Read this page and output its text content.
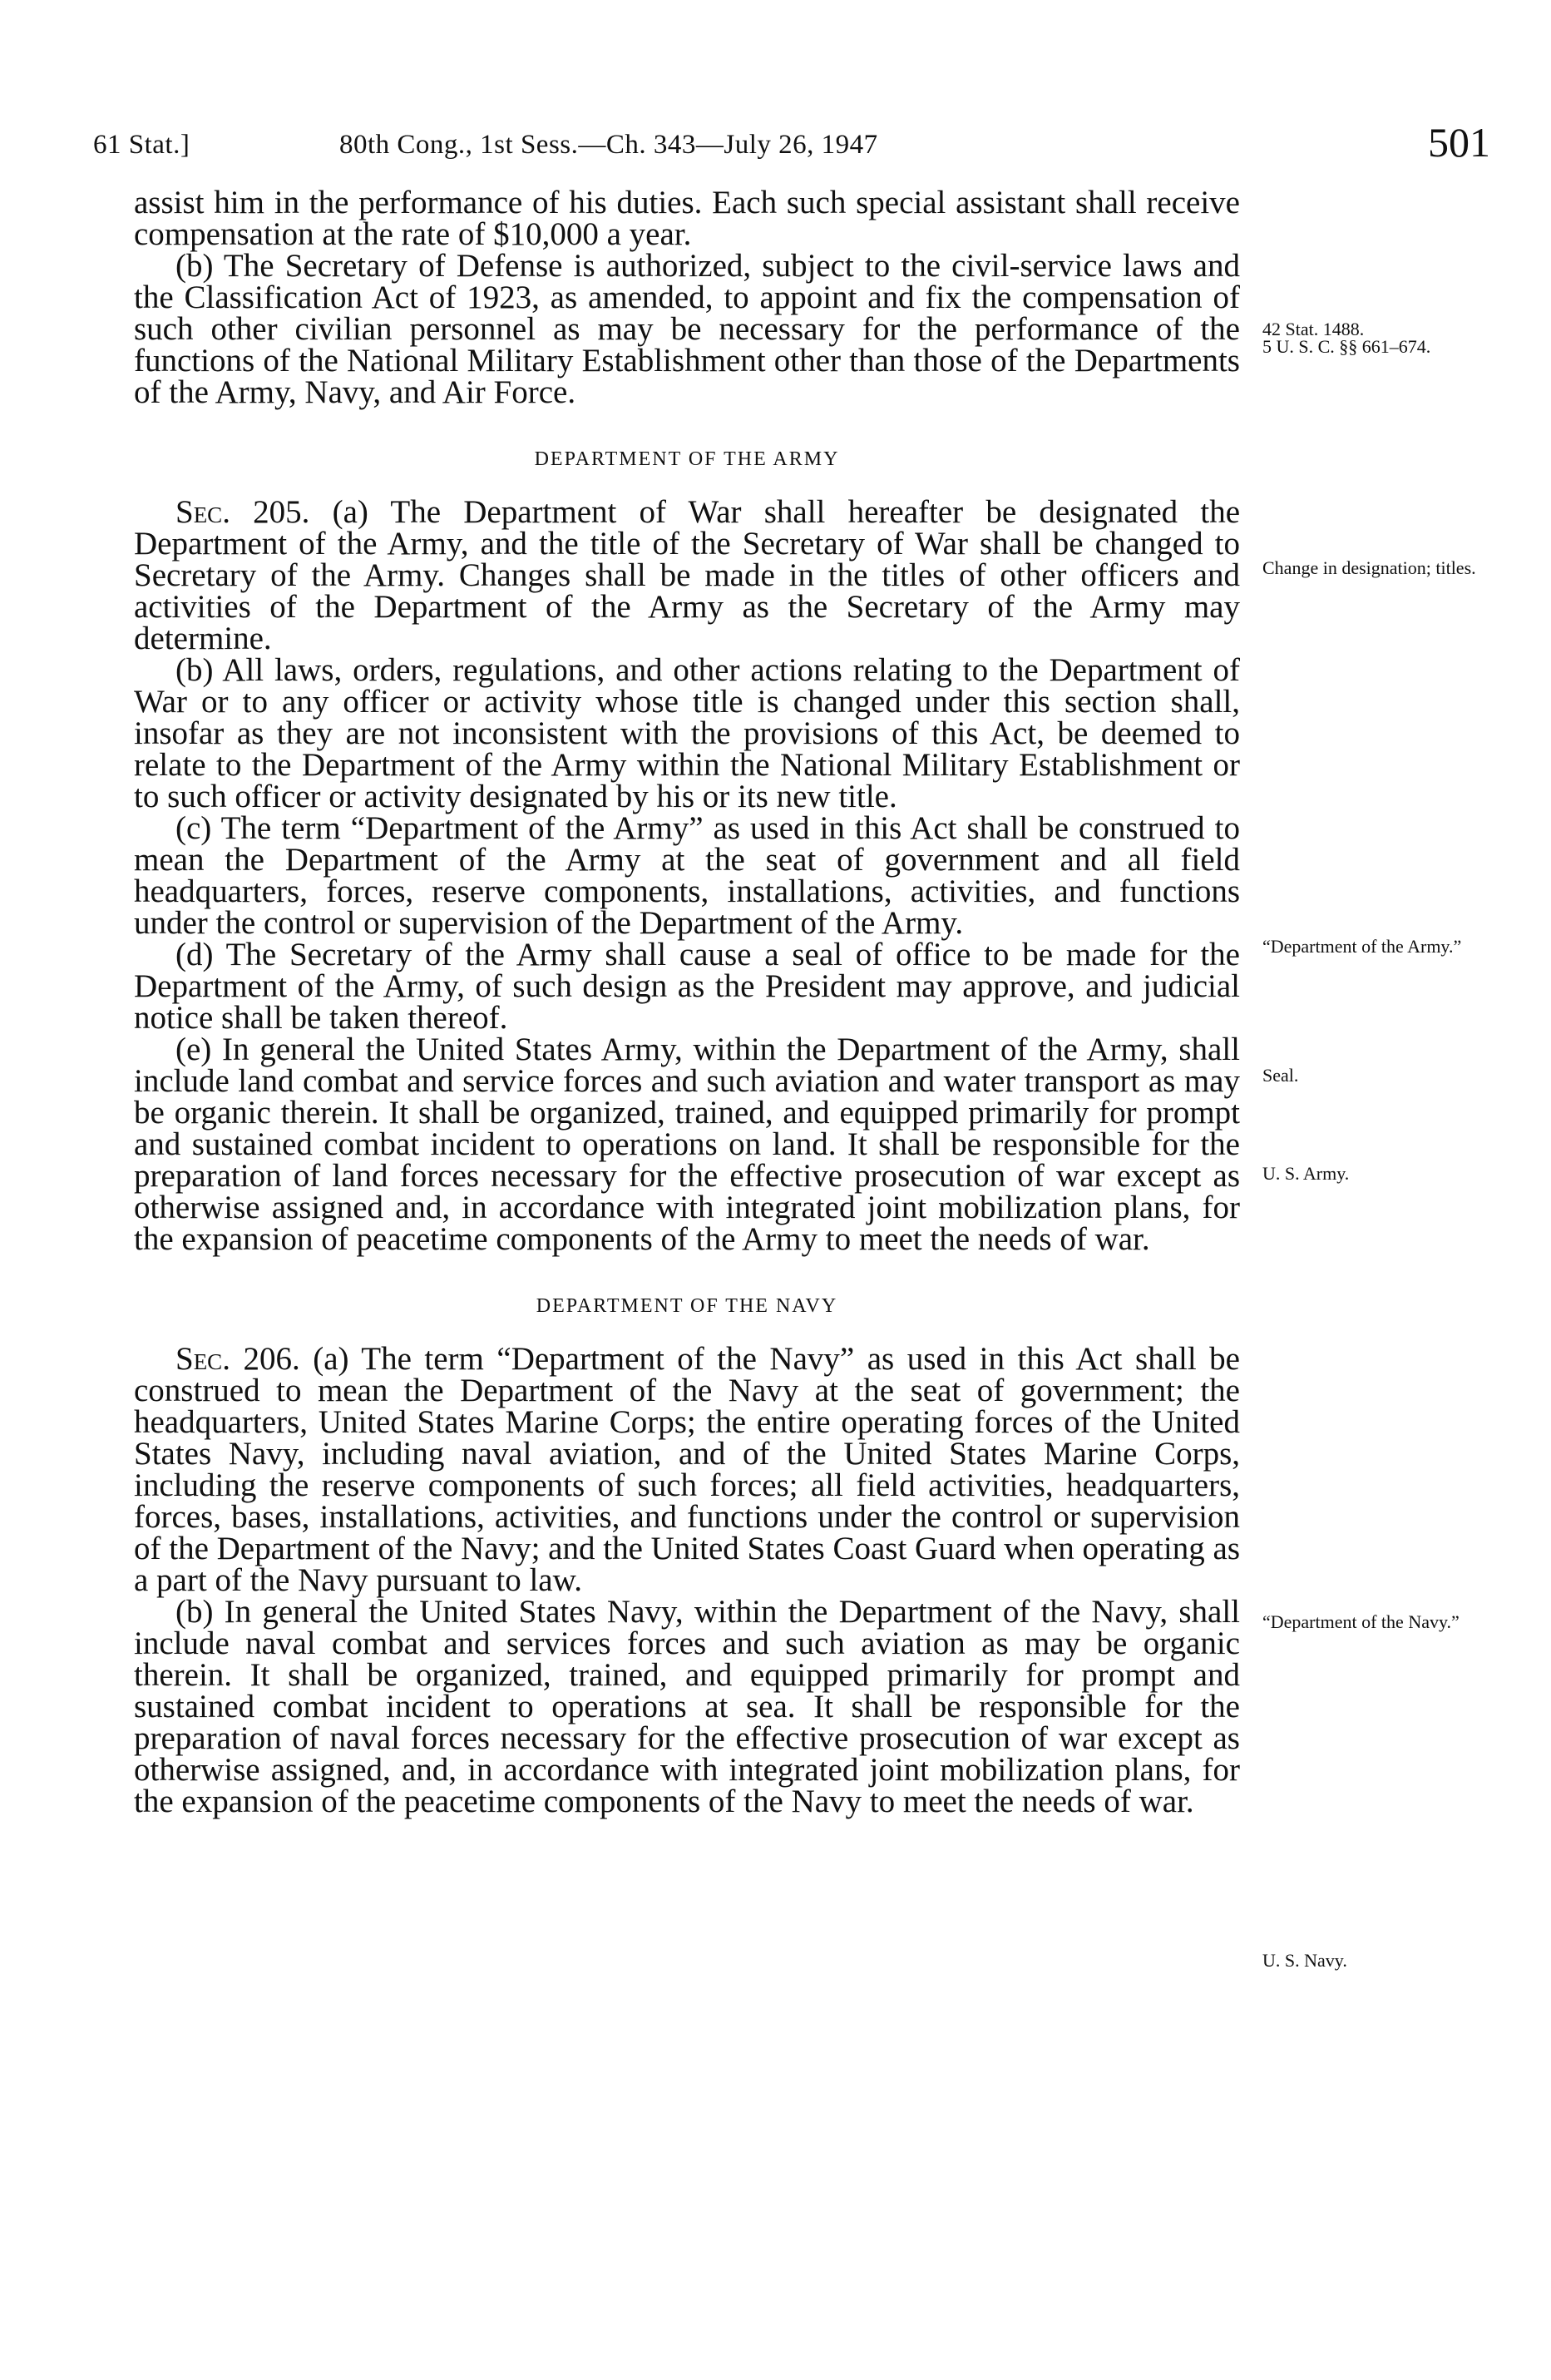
61 Stat.]	80th Cong., 1st Sess.—Ch. 343—July 26, 1947	501

assist him in the performance of his duties. Each such special assistant shall receive compensation at the rate of $10,000 a year.

(b) The Secretary of Defense is authorized, subject to the civil-service laws and the Classification Act of 1923, as amended, to appoint and fix the compensation of such other civilian personnel as may be necessary for the performance of the functions of the National Military Establishment other than those of the Departments of the Army, Navy, and Air Force.

DEPARTMENT OF THE ARMY

Sec. 205. (a) The Department of War shall hereafter be designated the Department of the Army, and the title of the Secretary of War shall be changed to Secretary of the Army. Changes shall be made in the titles of other officers and activities of the Department of the Army as the Secretary of the Army may determine.

(b) All laws, orders, regulations, and other actions relating to the Department of War or to any officer or activity whose title is changed under this section shall, insofar as they are not inconsistent with the provisions of this Act, be deemed to relate to the Department of the Army within the National Military Establishment or to such officer or activity designated by his or its new title.

(c) The term “Department of the Army” as used in this Act shall be construed to mean the Department of the Army at the seat of government and all field headquarters, forces, reserve components, installations, activities, and functions under the control or supervision of the Department of the Army.

(d) The Secretary of the Army shall cause a seal of office to be made for the Department of the Army, of such design as the President may approve, and judicial notice shall be taken thereof.

(e) In general the United States Army, within the Department of the Army, shall include land combat and service forces and such aviation and water transport as may be organic therein. It shall be organized, trained, and equipped primarily for prompt and sustained combat incident to operations on land. It shall be responsible for the preparation of land forces necessary for the effective prosecution of war except as otherwise assigned and, in accordance with integrated joint mobilization plans, for the expansion of peacetime components of the Army to meet the needs of war.

DEPARTMENT OF THE NAVY

Sec. 206. (a) The term “Department of the Navy” as used in this Act shall be construed to mean the Department of the Navy at the seat of government; the headquarters, United States Marine Corps; the entire operating forces of the United States Navy, including naval aviation, and of the United States Marine Corps, including the reserve components of such forces; all field activities, headquarters, forces, bases, installations, activities, and functions under the control or supervision of the Department of the Navy; and the United States Coast Guard when operating as a part of the Navy pursuant to law.

(b) In general the United States Navy, within the Department of the Navy, shall include naval combat and services forces and such aviation as may be organic therein. It shall be organized, trained, and equipped primarily for prompt and sustained combat incident to operations at sea. It shall be responsible for the preparation of naval forces necessary for the effective prosecution of war except as otherwise assigned, and, in accordance with integrated joint mobilization plans, for the expansion of the peacetime components of the Navy to meet the needs of war.

42 Stat. 1488.
5 U. S. C. §§ 661–674.
Change in designation; titles.
“Department of the Army.”
Seal.
U. S. Army.
“Department of the Navy.”
U. S. Navy.
